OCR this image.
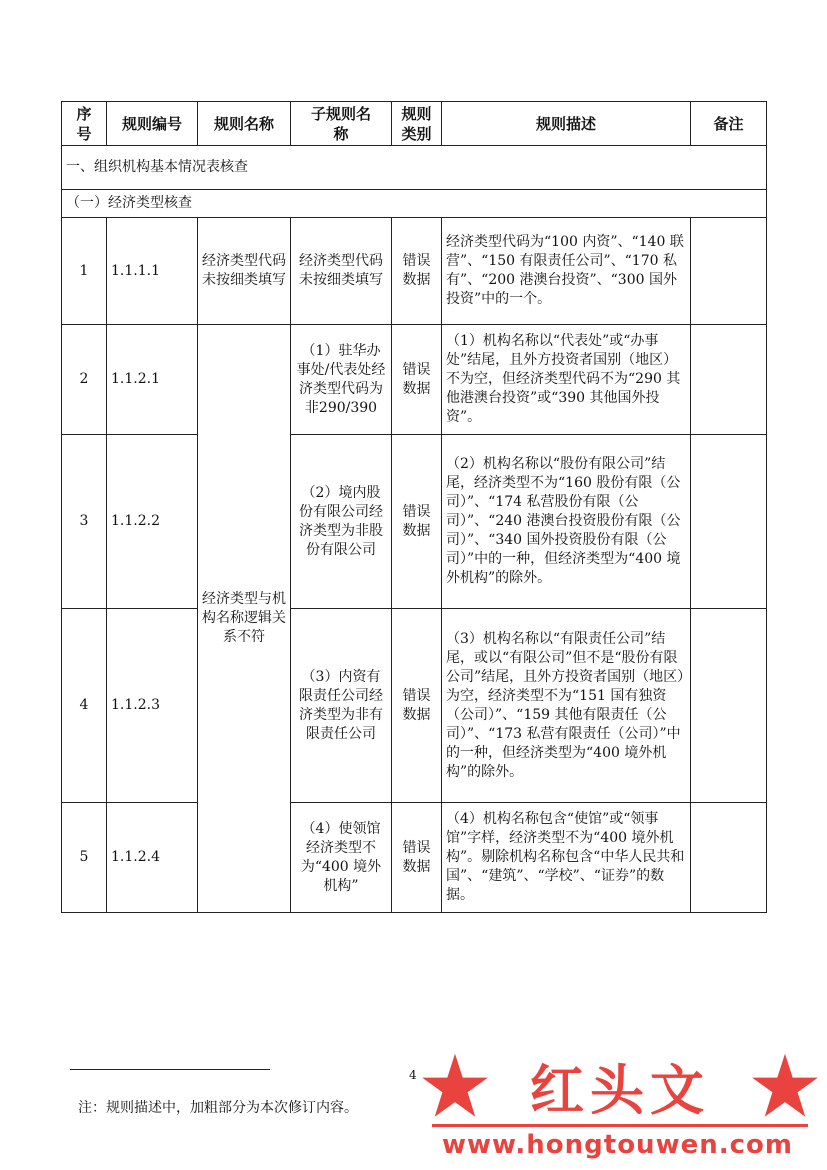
序号	规则编号	规则名称	子规则名称	规则类别	规则描述	备注
一、组织机构基本情况表核查						
（一）经济类型核查						
1	1.1.1.1	经济类型代码未按细类填写	经济类型代码未按细类填写	错误数据	经济类型代码为“100 内资”、“140 联营”、“150 有限责任公司”、“170 私有”、“200 港澳台投资”、“300 国外投资”中的一个。	
2	1.1.2.1	经济类型与机构名称逻辑关系不符	（1）驻华办事处/代表处经济类型代码为非290/390	错误数据	（1）机构名称以“代表处”或“办事处”结尾，且外方投资者国别（地区）不为空，但经济类型代码不为“290 其他港澳台投资”或“390 其他国外投资”。	
3	1.1.2.2		（2）境内股份有限公司经济类型为非股份有限公司	错误数据	（2）机构名称以“股份有限公司”结尾，经济类型不为“160 股份有限（公司）”、“174 私营股份有限（公司）”、“240 港澳台投资股份有限（公司）”、“340 国外投资股份有限（公司）”中的一种，但经济类型为“400 境外机构”的除外。	
4	1.1.2.3		（3）内资有限责任公司经济类型为非有限责任公司	错误数据	（3）机构名称以“有限责任公司”结尾，或以“有限公司”但不是“股份有限公司”结尾，且外方投资者国别（地区）为空，经济类型不为“151 国有独资（公司）”、“159 其他有限责任（公司）”、“173 私营有限责任（公司）”中的一种，但经济类型为“400 境外机构”的除外。	
5	1.1.2.4		（4）使领馆经济类型不为“400 境外机构”	错误数据	（4）机构名称包含“使馆”或“领事馆”字样，经济类型不为“400 境外机构”。剔除机构名称包含“中华人民共和国”、“建筑”、“学校”、“证券”的数据。	
4
注：规则描述中，加粗部分为本次修订内容。	红头文
www.hongtouwen.com
